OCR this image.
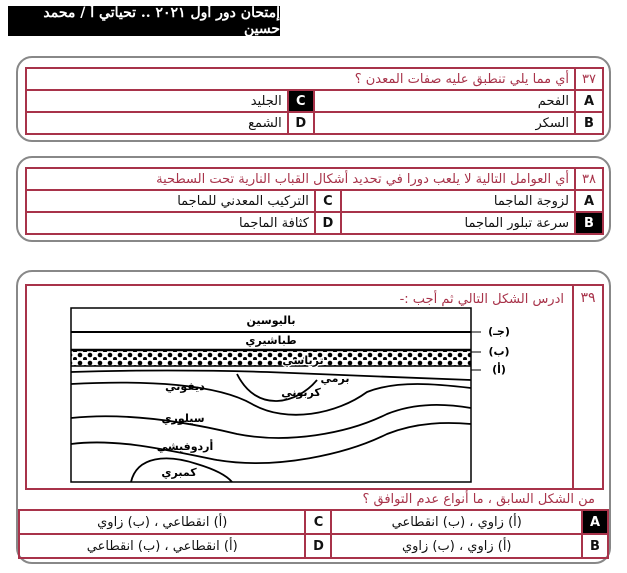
إمتحان دور أول ٢٠٢١ .. تحياتي أ / محمد حسين
٣٧	أي مما يلي تنطبق عليه صفات المعدن ؟		
A	الفحم	C	الجليد
B	السكر	D	الشمع
٣٨	أي العوامل التالية لا يلعب دورا في تحديد أشكال القباب النارية تحت السطحية		
A	لزوجة الماجما	C	التركيب المعدني للماجما
B	سرعة تبلور الماجما	D	كثافة الماجما
٣٩
ادرس الشكل التالي ثم أجب :-
باليوسين
طباشيري
ترياسي
برمي
كربوني
ديفوني
سيلوري
أردوفيشي
كمبري
(جـ)
(ب)
(أ)
من الشكل السابق ، ما أنواع عدم التوافق ؟
A	(أ) زاوي ، (ب) انقطاعي	C	(أ) انقطاعي ، (ب) زاوي
B	(أ) زاوي ، (ب) زاوي	D	(أ) انقطاعي ، (ب) انقطاعي
